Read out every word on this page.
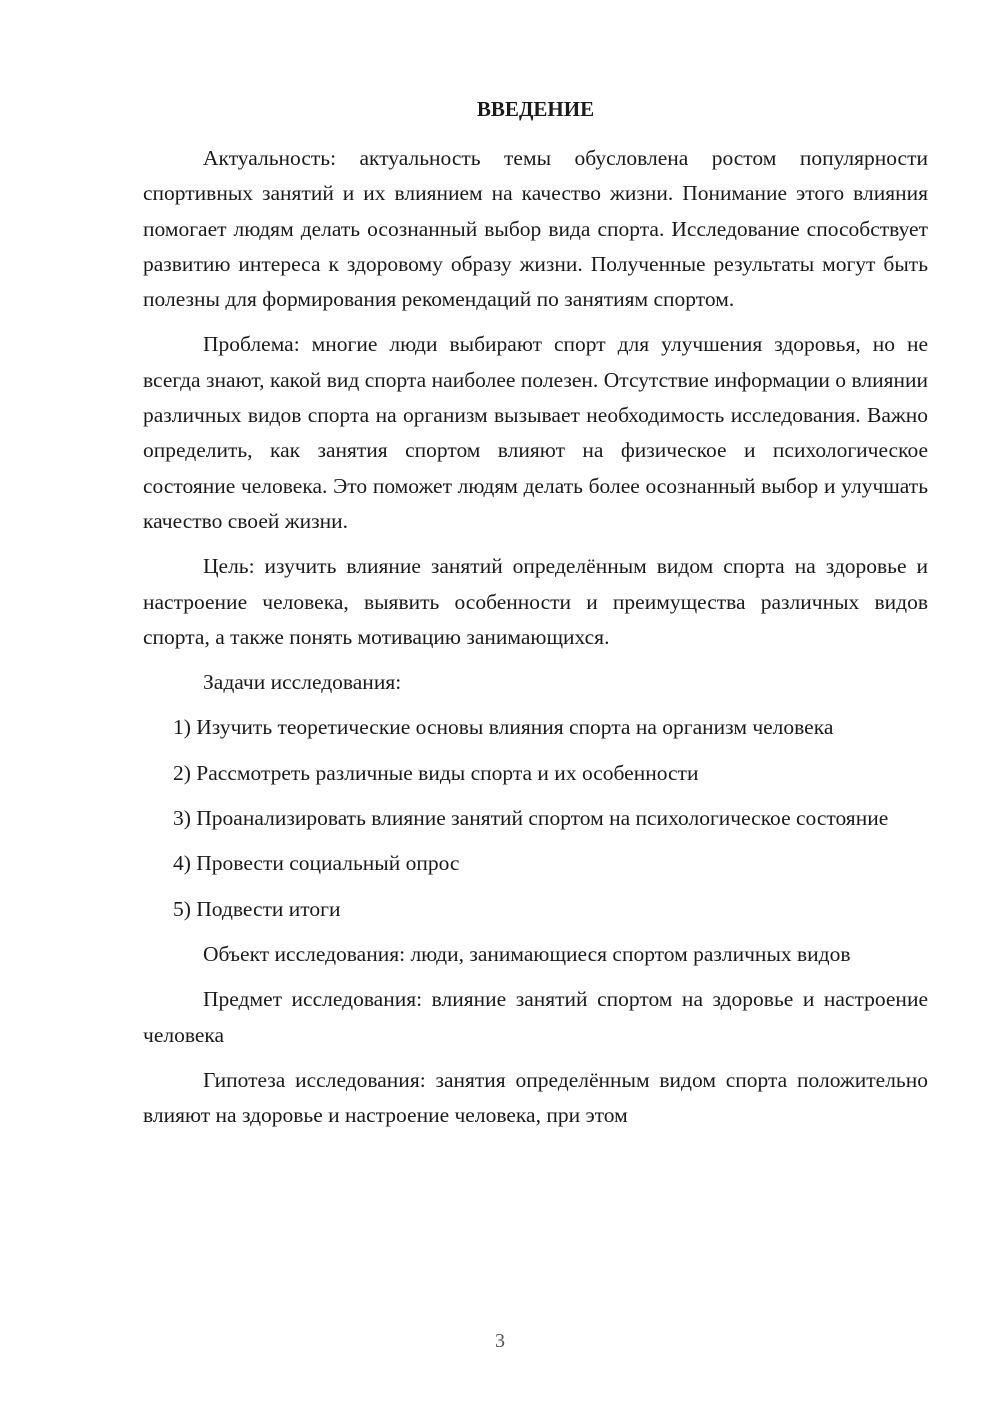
ВВЕДЕНИЕ

Актуальность: актуальность темы обусловлена ростом популярности спортивных занятий и их влиянием на качество жизни. Понимание этого влияния помогает людям делать осознанный выбор вида спорта. Исследование способствует развитию интереса к здоровому образу жизни. Полученные результаты могут быть полезны для формирования рекомендаций по занятиям спортом.

Проблема: многие люди выбирают спорт для улучшения здоровья, но не всегда знают, какой вид спорта наиболее полезен. Отсутствие информации о влиянии различных видов спорта на организм вызывает необходимость исследования. Важно определить, как занятия спортом влияют на физическое и психологическое состояние человека. Это поможет людям делать более осознанный выбор и улучшать качество своей жизни.

Цель: изучить влияние занятий определённым видом спорта на здоровье и настроение человека, выявить особенности и преимущества различных видов спорта, а также понять мотивацию занимающихся.

Задачи исследования:

1) Изучить теоретические основы влияния спорта на организм человека

2) Рассмотреть различные виды спорта и их особенности

3) Проанализировать влияние занятий спортом на психологическое состояние

4) Провести социальный опрос

5) Подвести итоги

Объект исследования: люди, занимающиеся спортом различных видов

Предмет исследования: влияние занятий спортом на здоровье и настроение человека

Гипотеза исследования: занятия определённым видом спорта положительно влияют на здоровье и настроение человека, при этом

3
